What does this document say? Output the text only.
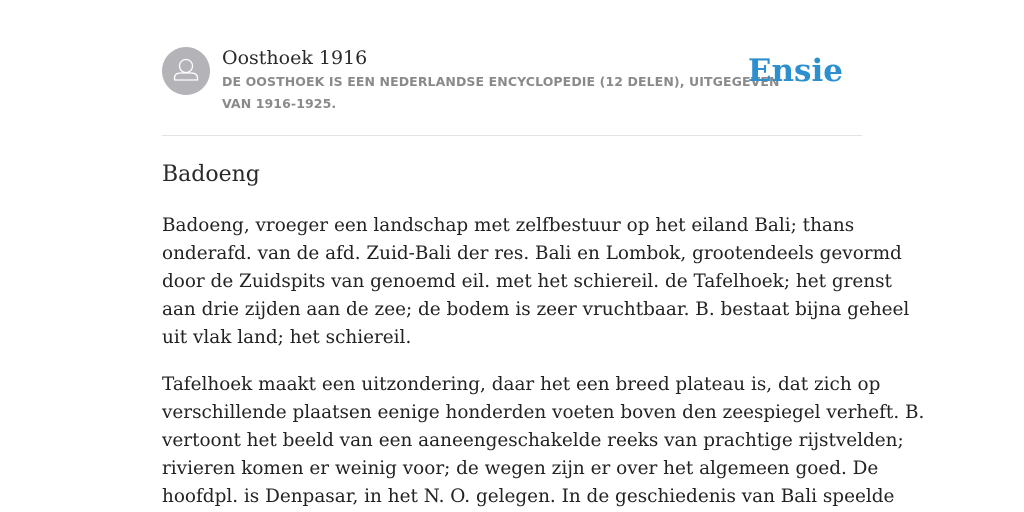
Oosthoek 1916

DE OOSTHOEK IS EEN NEDERLANDSE ENCYCLOPEDIE (12 DELEN), UITGEGEVEN
VAN 1916-1925.

Ensie
Badoeng

Badoeng, vroeger een landschap met zelfbestuur op het eiland Bali; thans
onderafd. van de afd. Zuid-Bali der res. Bali en Lombok, grootendeels gevormd
door de Zuidspits van genoemd eil. met het schiereil. de Tafelhoek; het grenst
aan drie zijden aan de zee; de bodem is zeer vruchtbaar. B. bestaat bijna geheel
uit vlak land; het schiereil.

Tafelhoek maakt een uitzondering, daar het een breed plateau is, dat zich op
verschillende plaatsen eenige honderden voeten boven den zeespiegel verheft. B.
vertoont het beeld van een aaneengeschakelde reeks van prachtige rijstvelden;
rivieren komen er weinig voor; de wegen zijn er over het algemeen goed. De
hoofdpl. is Denpasar, in het N. O. gelegen. In de geschiedenis van Bali speelde
